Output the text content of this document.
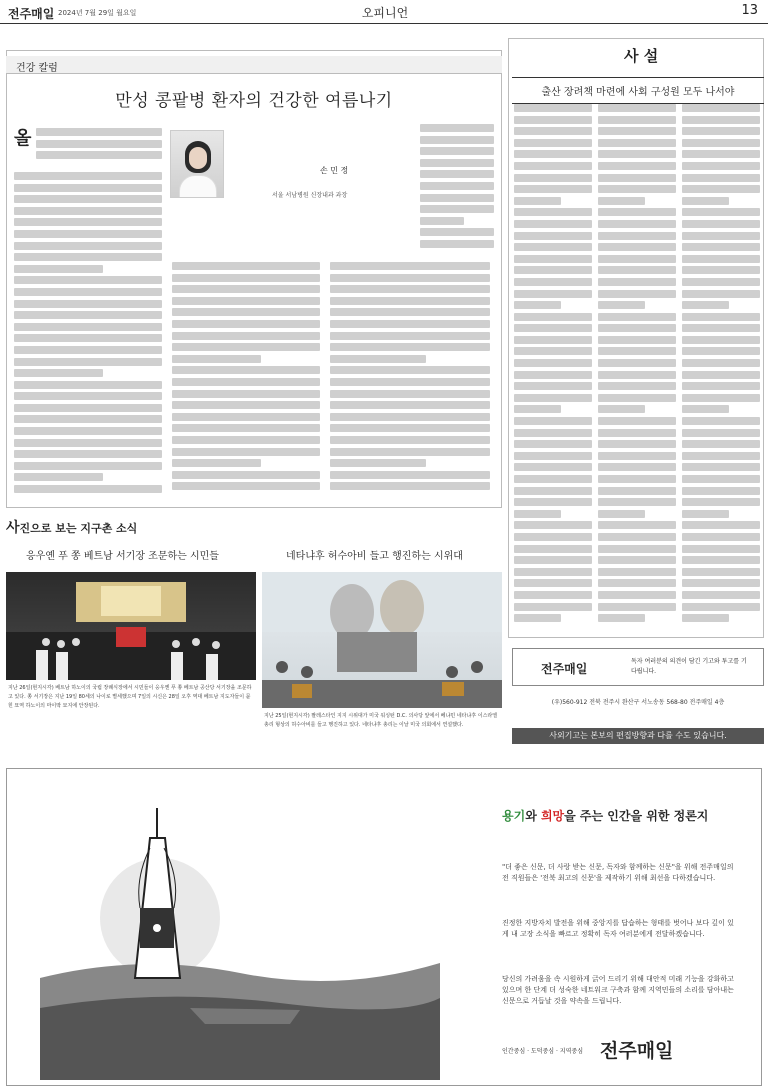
전주매일 2024년 7월 29일 월요일	오피니언	13
건강 칼럼
만성 콩팥병 환자의 건강한 여름나기
손 민 정
서울 서남병원 신장내과 과장
올
사 설
출산 장려책 마련에 사회 구성원 모두 나서야
사진으로 보는 지구촌 소식
응우옌 푸 쫑 베트남 서기장 조문하는 시민들	네타냐후 허수아비 들고 행진하는 시위대
지난 26일(현지시각) 베트남 하노이의 국립 장례식장에서 시민들이 응우옌 푸 쫑 베트남 공산당 서기장을 조문하고 있다. 쫑 서기장은 지난 19일 80세의 나이로 별세했으며 7일의 시신은 28일 오후 역대 베트남 지도자들이 묻힌 묘역 하노이의 마이딱 묘지에 안장된다.
지난 25일(현지시각) 팔레스타인 지지 시위대가 미국 워싱턴 D.C. 의사당 앞에서 베냐민 네타냐후 이스라엘 총리 형상의 허수아비를 들고 행진하고 있다. 네타냐후 총리는 이날 미국 의회에서 연설했다.
전주매일
독자 여러분의 의견이 담긴 기고와 투고를 기다립니다.
(우)560-912 전북 전주시 완산구 서노송동 568-80 전주매일 4층
사외기고는 본보의 편집방향과 다를 수도 있습니다.
용기와 희망을 주는 인간을 위한 정론지
"더 좋은 신문, 더 사랑 받는 신문, 독자와 함께하는 신문"을 위해 전주매일의 전 직원들은 '전북 최고의 신문'을 제작하기 위해 최선을 다하겠습니다.
진정한 지방자치 발전을 위해 중앙지를 답습하는 형태를 벗어나 보다 깊이 있게 내 고장 소식을 빠르고 정확히 독자 여러분에게 전달하겠습니다.
당신의 가려움을 속 시원하게 긁어 드리기 위해 대안적 미래 기능을 강화하고 있으며 한 단계 더 성숙한 네트워크 구축과 함께 지역민들의 소리를 담아내는 신문으로 거듭날 것을 약속을 드립니다.
인간중심 · 도덕중심 · 지역중심 전주매일
